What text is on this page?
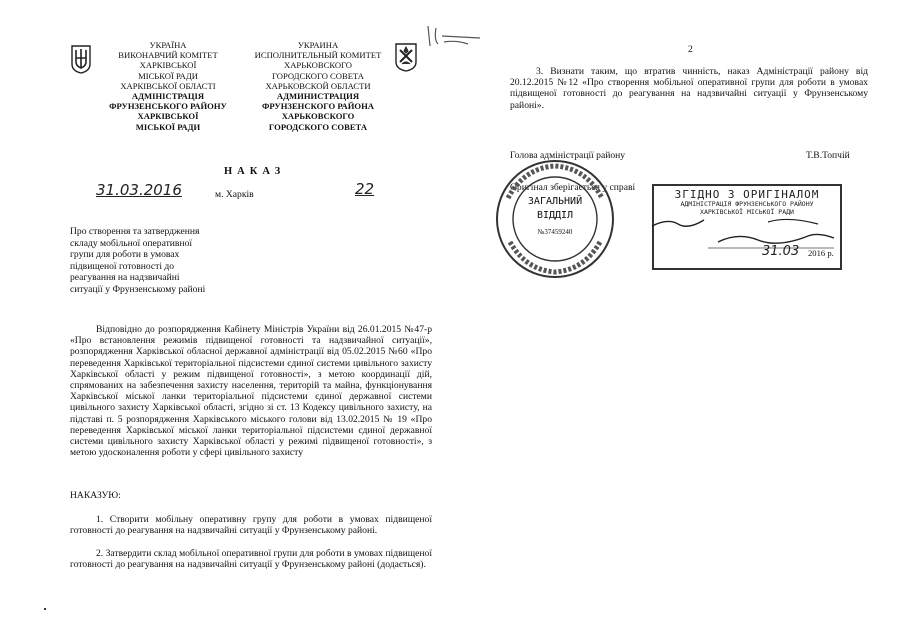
УКРАЇНА
ВИКОНАВЧИЙ КОМІТЕТ
ХАРКІВСЬКОЇ
МІСЬКОЇ РАДИ
ХАРКІВСЬКОЇ ОБЛАСТІ
АДМІНІСТРАЦІЯ
ФРУНЗЕНСЬКОГО РАЙОНУ
ХАРКІВСЬКОЇ
МІСЬКОЇ РАДИ
УКРАИНА
ИСПОЛНИТЕЛЬНЫЙ КОМИТЕТ
ХАРЬКОВСКОГО
ГОРОДСКОГО СОВЕТА
ХАРЬКОВСКОЙ ОБЛАСТИ
АДМИНИСТРАЦИЯ
ФРУНЗЕНСКОГО РАЙОНА
ХАРЬКОВСКОГО
ГОРОДСКОГО СОВЕТА
НАКАЗ
31.03.2016	м. Харків	22
Про створення та затвердження
складу мобільної оперативної
групи для роботи в умовах
підвищеної готовності до
реагування на надзвичайні
ситуації у Фрунзенському районі

Відповідно до розпорядження Кабінету Міністрів України від 26.01.2015 №47-р «Про встановлення режимів підвищеної готовності та надзвичайної ситуації», розпорядження Харківської обласної державної адміністрації від 05.02.2015 №60 «Про переведення Харківської територіальної підсистеми єдиної системи цивільного захисту Харківської області у режим підвищеної готовності», з метою координації дій, спрямованих на забезпечення захисту населення, територій та майна, функціонування Харківської міської ланки територіальної підсистеми єдиної державної системи цивільного захисту Харківської області, згідно зі ст. 13 Кодексу цивільного захисту, на підставі п. 5 розпорядження Харківського міського голови від 13.02.2015 № 19 «Про переведення Харківської міської ланки територіальної підсистеми єдиної державної системи цивільного захисту Харківської області у режимі підвищеної готовності», з метою удосконалення роботи у сфері цивільного захисту

НАКАЗУЮ:

1. Створити мобільну оперативну групу для роботи в умовах підвищеної готовності до реагування на надзвичайні ситуації у Фрунзенському районі.

2. Затвердити склад мобільної оперативної групи для роботи в умовах підвищеної готовності до реагування на надзвичайні ситуації у Фрунзенському районі (додається).

2

3. Визнати таким, що втратив чинність, наказ Адміністрації району від 20.12.2015 №12 «Про створення мобільної оперативної групи для роботи в умовах підвищеної готовності до реагування на надзвичайні ситуації у Фрунзенському районі».

Голова адміністрації району	Т.В.Топчій
Оригінал зберігається у справі
ЗАГАЛЬНИЙ
ВІДДІЛ
№37459240
ЗГІДНО З ОРИГІНАЛОМ
АДМІНІСТРАЦІЯ ФРУНЗЕНСЬКОГО РАЙОНУ
ХАРКІВСЬКОЇ МІСЬКОЇ РАДИ
31.03 2016 р.
